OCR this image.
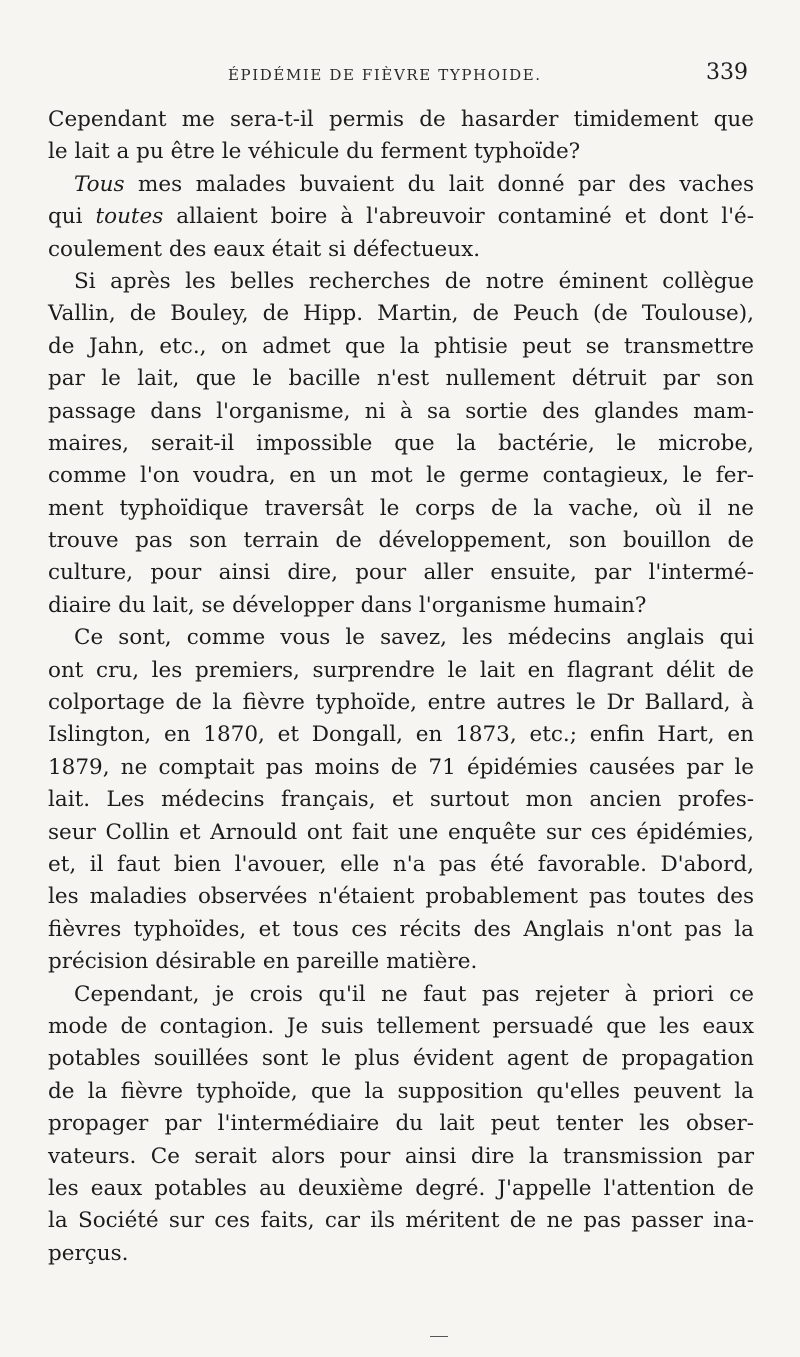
ÉPIDÉMIE DE FIÈVRE TYPHOIDE.	339
Cependant me sera-t-il permis de hasarder timidement que
le lait a pu être le véhicule du ferment typhoïde?
Tous mes malades buvaient du lait donné par des vaches
qui toutes allaient boire à l'abreuvoir contaminé et dont l'é-
coulement des eaux était si défectueux.
Si après les belles recherches de notre éminent collègue
Vallin, de Bouley, de Hipp. Martin, de Peuch (de Toulouse),
de Jahn, etc., on admet que la phtisie peut se transmettre
par le lait, que le bacille n'est nullement détruit par son
passage dans l'organisme, ni à sa sortie des glandes mam-
maires, serait-il impossible que la bactérie, le microbe,
comme l'on voudra, en un mot le germe contagieux, le fer-
ment typhoïdique traversât le corps de la vache, où il ne
trouve pas son terrain de développement, son bouillon de
culture, pour ainsi dire, pour aller ensuite, par l'intermé-
diaire du lait, se développer dans l'organisme humain?
Ce sont, comme vous le savez, les médecins anglais qui
ont cru, les premiers, surprendre le lait en flagrant délit de
colportage de la fièvre typhoïde, entre autres le Dr Ballard, à
Islington, en 1870, et Dongall, en 1873, etc.; enfin Hart, en
1879, ne comptait pas moins de 71 épidémies causées par le
lait. Les médecins français, et surtout mon ancien profes-
seur Collin et Arnould ont fait une enquête sur ces épidémies,
et, il faut bien l'avouer, elle n'a pas été favorable. D'abord,
les maladies observées n'étaient probablement pas toutes des
fièvres typhoïdes, et tous ces récits des Anglais n'ont pas la
précision désirable en pareille matière.
Cependant, je crois qu'il ne faut pas rejeter à priori ce
mode de contagion. Je suis tellement persuadé que les eaux
potables souillées sont le plus évident agent de propagation
de la fièvre typhoïde, que la supposition qu'elles peuvent la
propager par l'intermédiaire du lait peut tenter les obser-
vateurs. Ce serait alors pour ainsi dire la transmission par
les eaux potables au deuxième degré. J'appelle l'attention de
la Société sur ces faits, car ils méritent de ne pas passer ina-
perçus.
